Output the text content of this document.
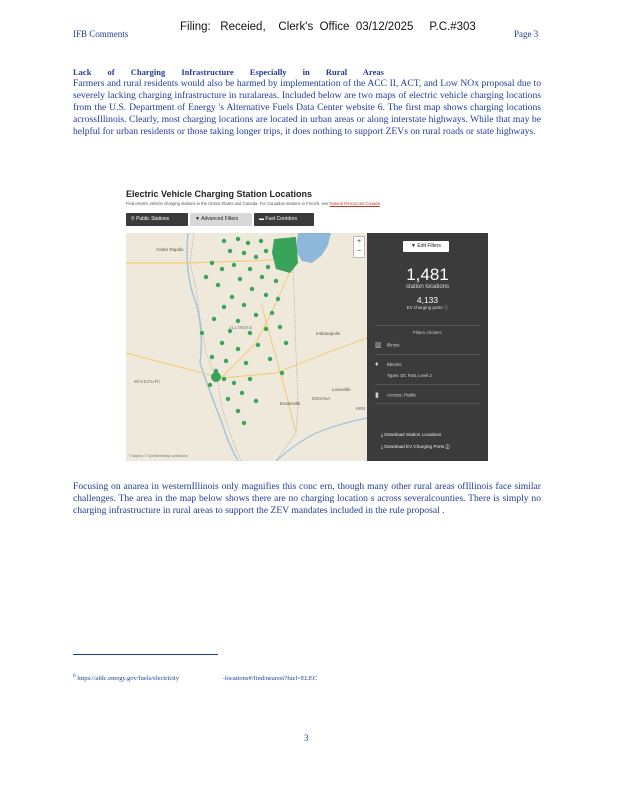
IFB Comments
Filing:   Receied,    Clerk's  Office  03/12/2025     P.C.#303
Page 3
Lack of Charging Infrastructure Especially in Rural Areas
Farmers and rural residents would also be harmed by implementation of the ACC II, ACT, and Low NOx proposal due to severely lacking charging infrastructure in ruralareas. Included below are two maps of electric vehicle charging locations from the U.S. Department of Energy 's Alternative Fuels Data Center website 6. The first map shows charging locations acrossIllinois. Clearly, most charging locations are located in urban areas or along interstate highways. While that may be helpful for urban residents or those taking longer trips, it does nothing to support ZEVs on rural roads or state highways.
Electric Vehicle Charging Station Locations
Find electric vehicle charging stations in the United States and Canada. For Canadian stations in French, see Natural Resources Canada
⚲ Public Stations	▼ Advanced Filters	▬ Fuel Corridors
Cedar Rapids
ILLINOIS
Indianapolis
MISSOURI
Louisville
INDIANA
Evansville
KEN
© Mapbox © OpenStreetMap contributors
+
−
▼ Edit Filters
1,481
station locations
4,133
EV charging ports ⓘ
Filters chosen:
▥ Illinois
♦ Electric
Types: DC Fast, Level 2
▮ Access: Public
⤓ Download Station Locations
⤓ Download EV Charging Ports ⓘ
Focusing on anarea in westernIllinois only magnifies this conc ern, though many other rural areas ofIllinois face similar challenges. The area in the map below shows there are no charging location s across severalcounties. There is simply no charging infrastructure in rural areas to support the ZEV mandates included in the rule proposal .
$^6$ https://afdc.energy.gov/fuels/electricity	-locations#/find/nearest?fuel=ELEC
3
